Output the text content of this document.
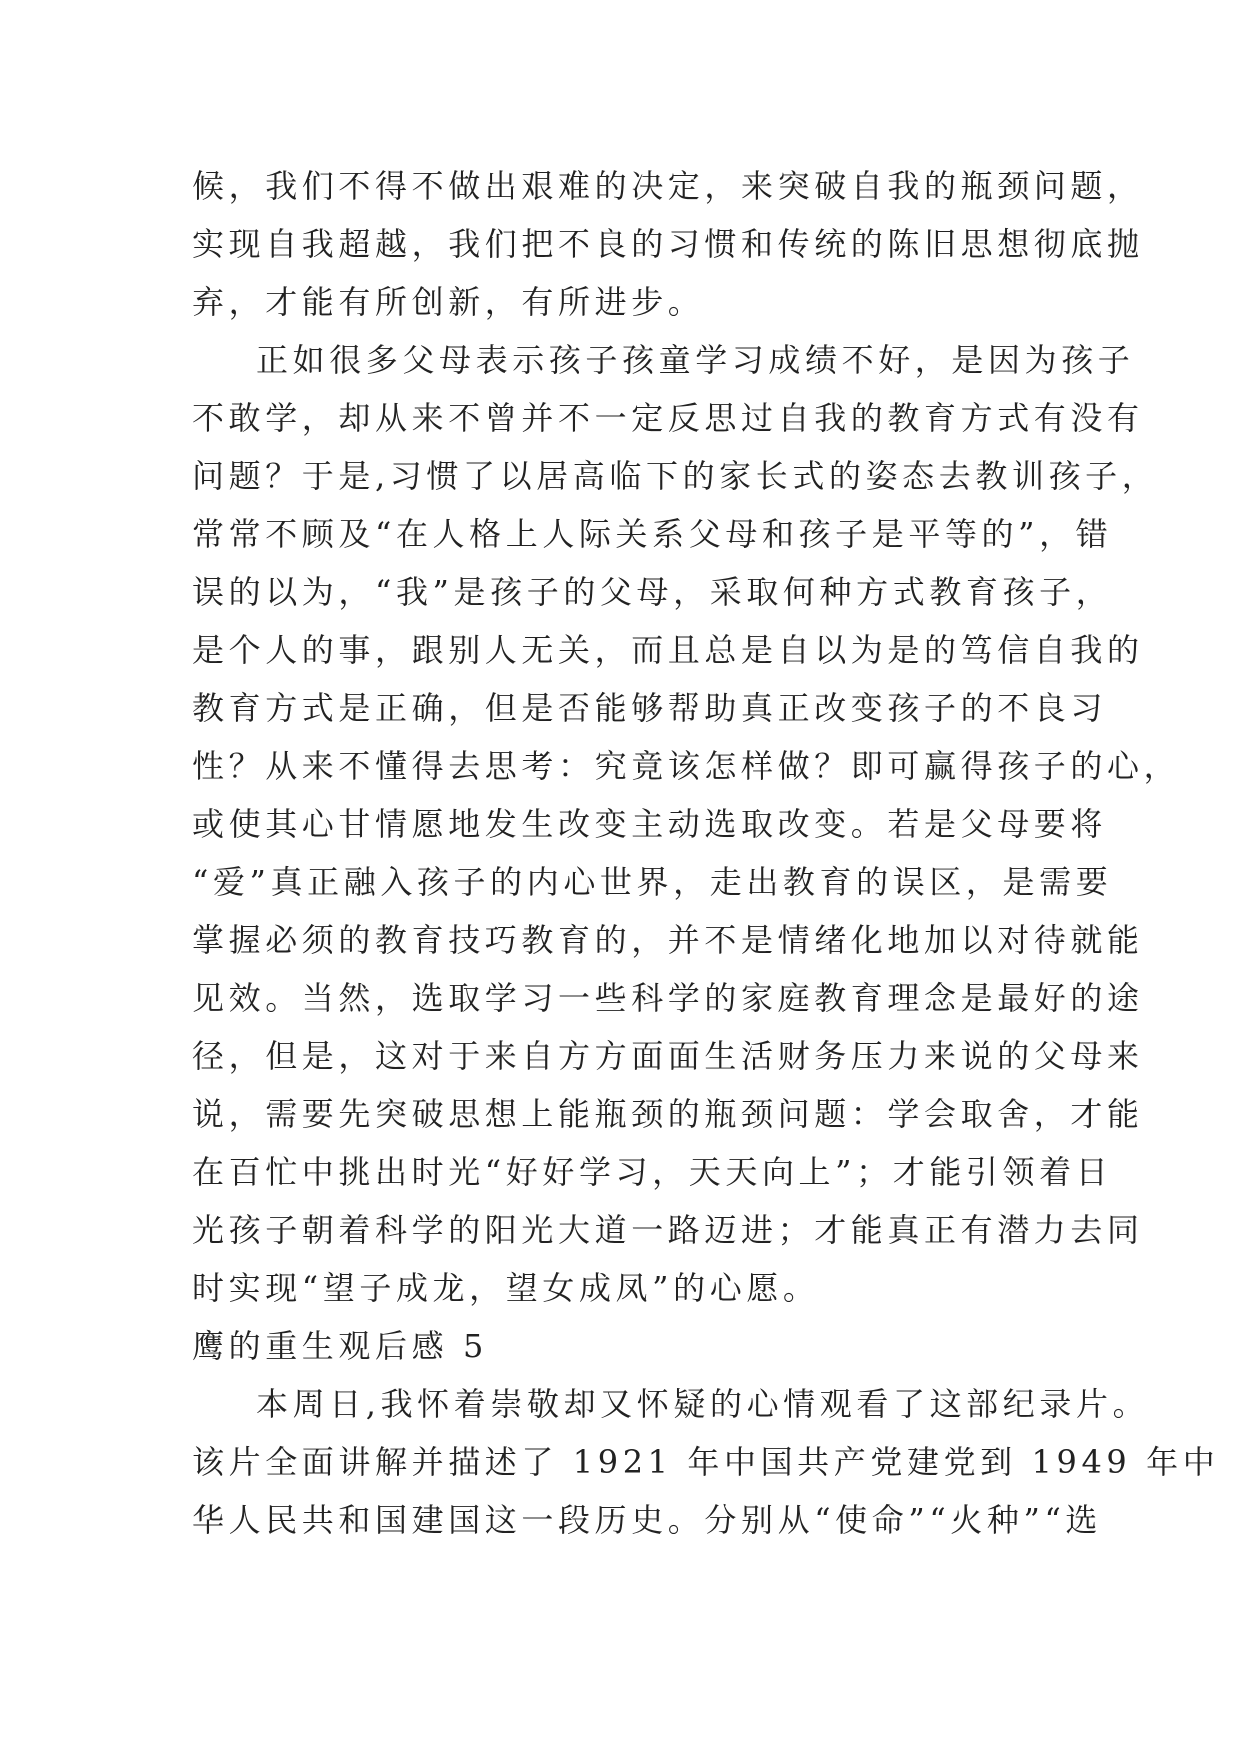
候，我们不得不做出艰难的决定，来突破自我的瓶颈问题，
实现自我超越，我们把不良的习惯和传统的陈旧思想彻底抛
弃，才能有所创新，有所进步。
正如很多父母表示孩子孩童学习成绩不好，是因为孩子
不敢学，却从来不曾并不一定反思过自我的教育方式有没有
问题？于是,习惯了以居高临下的家长式的姿态去教训孩子，
常常不顾及“在人格上人际关系父母和孩子是平等的”，错
误的以为，“我”是孩子的父母，采取何种方式教育孩子，
是个人的事，跟别人无关，而且总是自以为是的笃信自我的
教育方式是正确，但是否能够帮助真正改变孩子的不良习
性？从来不懂得去思考：究竟该怎样做？即可赢得孩子的心，
或使其心甘情愿地发生改变主动选取改变。若是父母要将
“爱”真正融入孩子的内心世界，走出教育的误区，是需要
掌握必须的教育技巧教育的，并不是情绪化地加以对待就能
见效。当然，选取学习一些科学的家庭教育理念是最好的途
径，但是，这对于来自方方面面生活财务压力来说的父母来
说，需要先突破思想上能瓶颈的瓶颈问题：学会取舍，才能
在百忙中挑出时光“好好学习，天天向上”；才能引领着日
光孩子朝着科学的阳光大道一路迈进；才能真正有潜力去同
时实现“望子成龙，望女成凤”的心愿。
鹰的重生观后感 5
本周日,我怀着崇敬却又怀疑的心情观看了这部纪录片。
该片全面讲解并描述了 1921 年中国共产党建党到 1949 年中
华人民共和国建国这一段历史。分别从“使命”“火种”“选
